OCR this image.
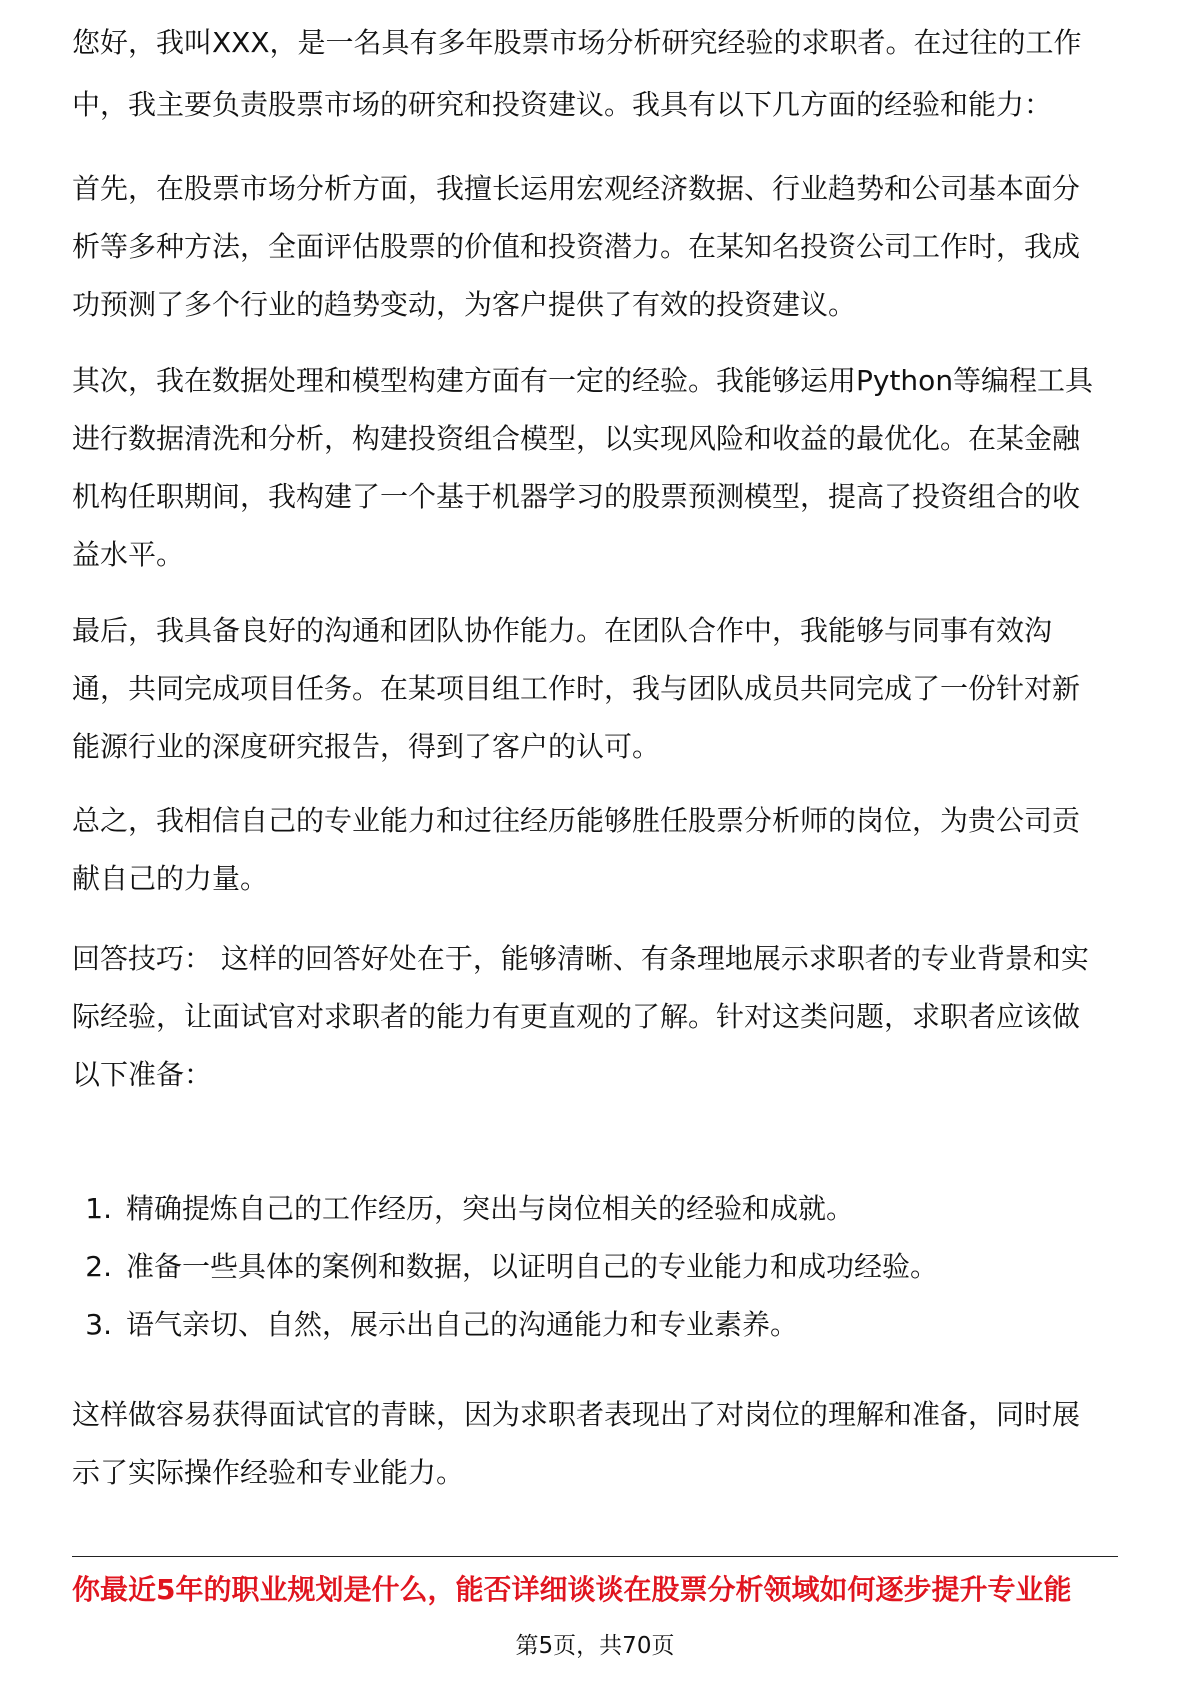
您好，我叫XXX，是一名具有多年股票市场分析研究经验的求职者。在过往的工作

中，我主要负责股票市场的研究和投资建议。我具有以下几方面的经验和能力：

首先，在股票市场分析方面，我擅长运用宏观经济数据、行业趋势和公司基本面分
析等多种方法，全面评估股票的价值和投资潜力。在某知名投资公司工作时，我成
功预测了多个行业的趋势变动，为客户提供了有效的投资建议。

其次，我在数据处理和模型构建方面有一定的经验。我能够运用Python等编程工具
进行数据清洗和分析，构建投资组合模型，以实现风险和收益的最优化。在某金融
机构任职期间，我构建了一个基于机器学习的股票预测模型，提高了投资组合的收
益水平。

最后，我具备良好的沟通和团队协作能力。在团队合作中，我能够与同事有效沟
通，共同完成项目任务。在某项目组工作时，我与团队成员共同完成了一份针对新
能源行业的深度研究报告，得到了客户的认可。

总之，我相信自己的专业能力和过往经历能够胜任股票分析师的岗位，为贵公司贡
献自己的力量。

回答技巧： 这样的回答好处在于，能够清晰、有条理地展示求职者的专业背景和实
际经验，让面试官对求职者的能力有更直观的了解。针对这类问题，求职者应该做
以下准备：

1. 精确提炼自己的工作经历，突出与岗位相关的经验和成就。
2. 准备一些具体的案例和数据，以证明自己的专业能力和成功经验。
3. 语气亲切、自然，展示出自己的沟通能力和专业素养。

这样做容易获得面试官的青睐，因为求职者表现出了对岗位的理解和准备，同时展
示了实际操作经验和专业能力。

你最近5年的职业规划是什么，能否详细谈谈在股票分析领域如何逐步提升专业能
第5页，共70页
